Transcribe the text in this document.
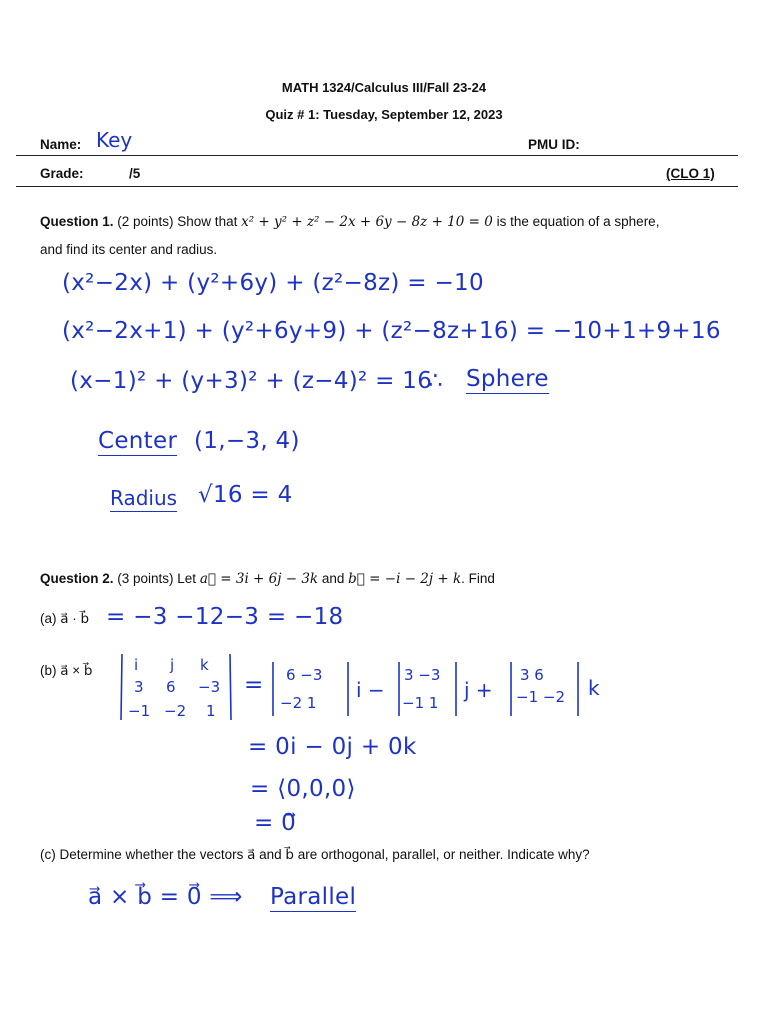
MATH 1324/Calculus III/Fall 23-24
Quiz # 1: Tuesday, September 12, 2023
Name: Key	PMU ID:
Grade:	/5	(CLO 1)
Question 1. (2 points) Show that x² + y² + z² − 2x + 6y − 8z + 10 = 0 is the equation of a sphere,
and find its center and radius.
(x²−2x) + (y²+6y) + (z²−8z) = −10
(x²−2x+1) + (y²+6y+9) + (z²−8z+16) = −10+1+9+16
(x−1)² + (y+3)² + (z−4)² = 16
∴ Sphere
Center (1,−3, 4)
Radius √16 = 4
Question 2. (3 points) Let a⃗ = 3i + 6j − 3k and b⃗ = −i − 2j + k. Find
(a) a⃗ · b⃗ = −3 −12−3 = −18
(b) a⃗ × b⃗	i j k
3 6 −3
−1 −2 1
= 6 −3
−2 1
i −
3 −3
−1 1
j +
3 6
−1 −2 k
= 0i − 0j + 0k
= ⟨0,0,0⟩
= 0⃗
(c) Determine whether the vectors a⃗ and b⃗ are orthogonal, parallel, or neither. Indicate why?
a⃗ × b⃗ = 0⃗ ⟹ Parallel
